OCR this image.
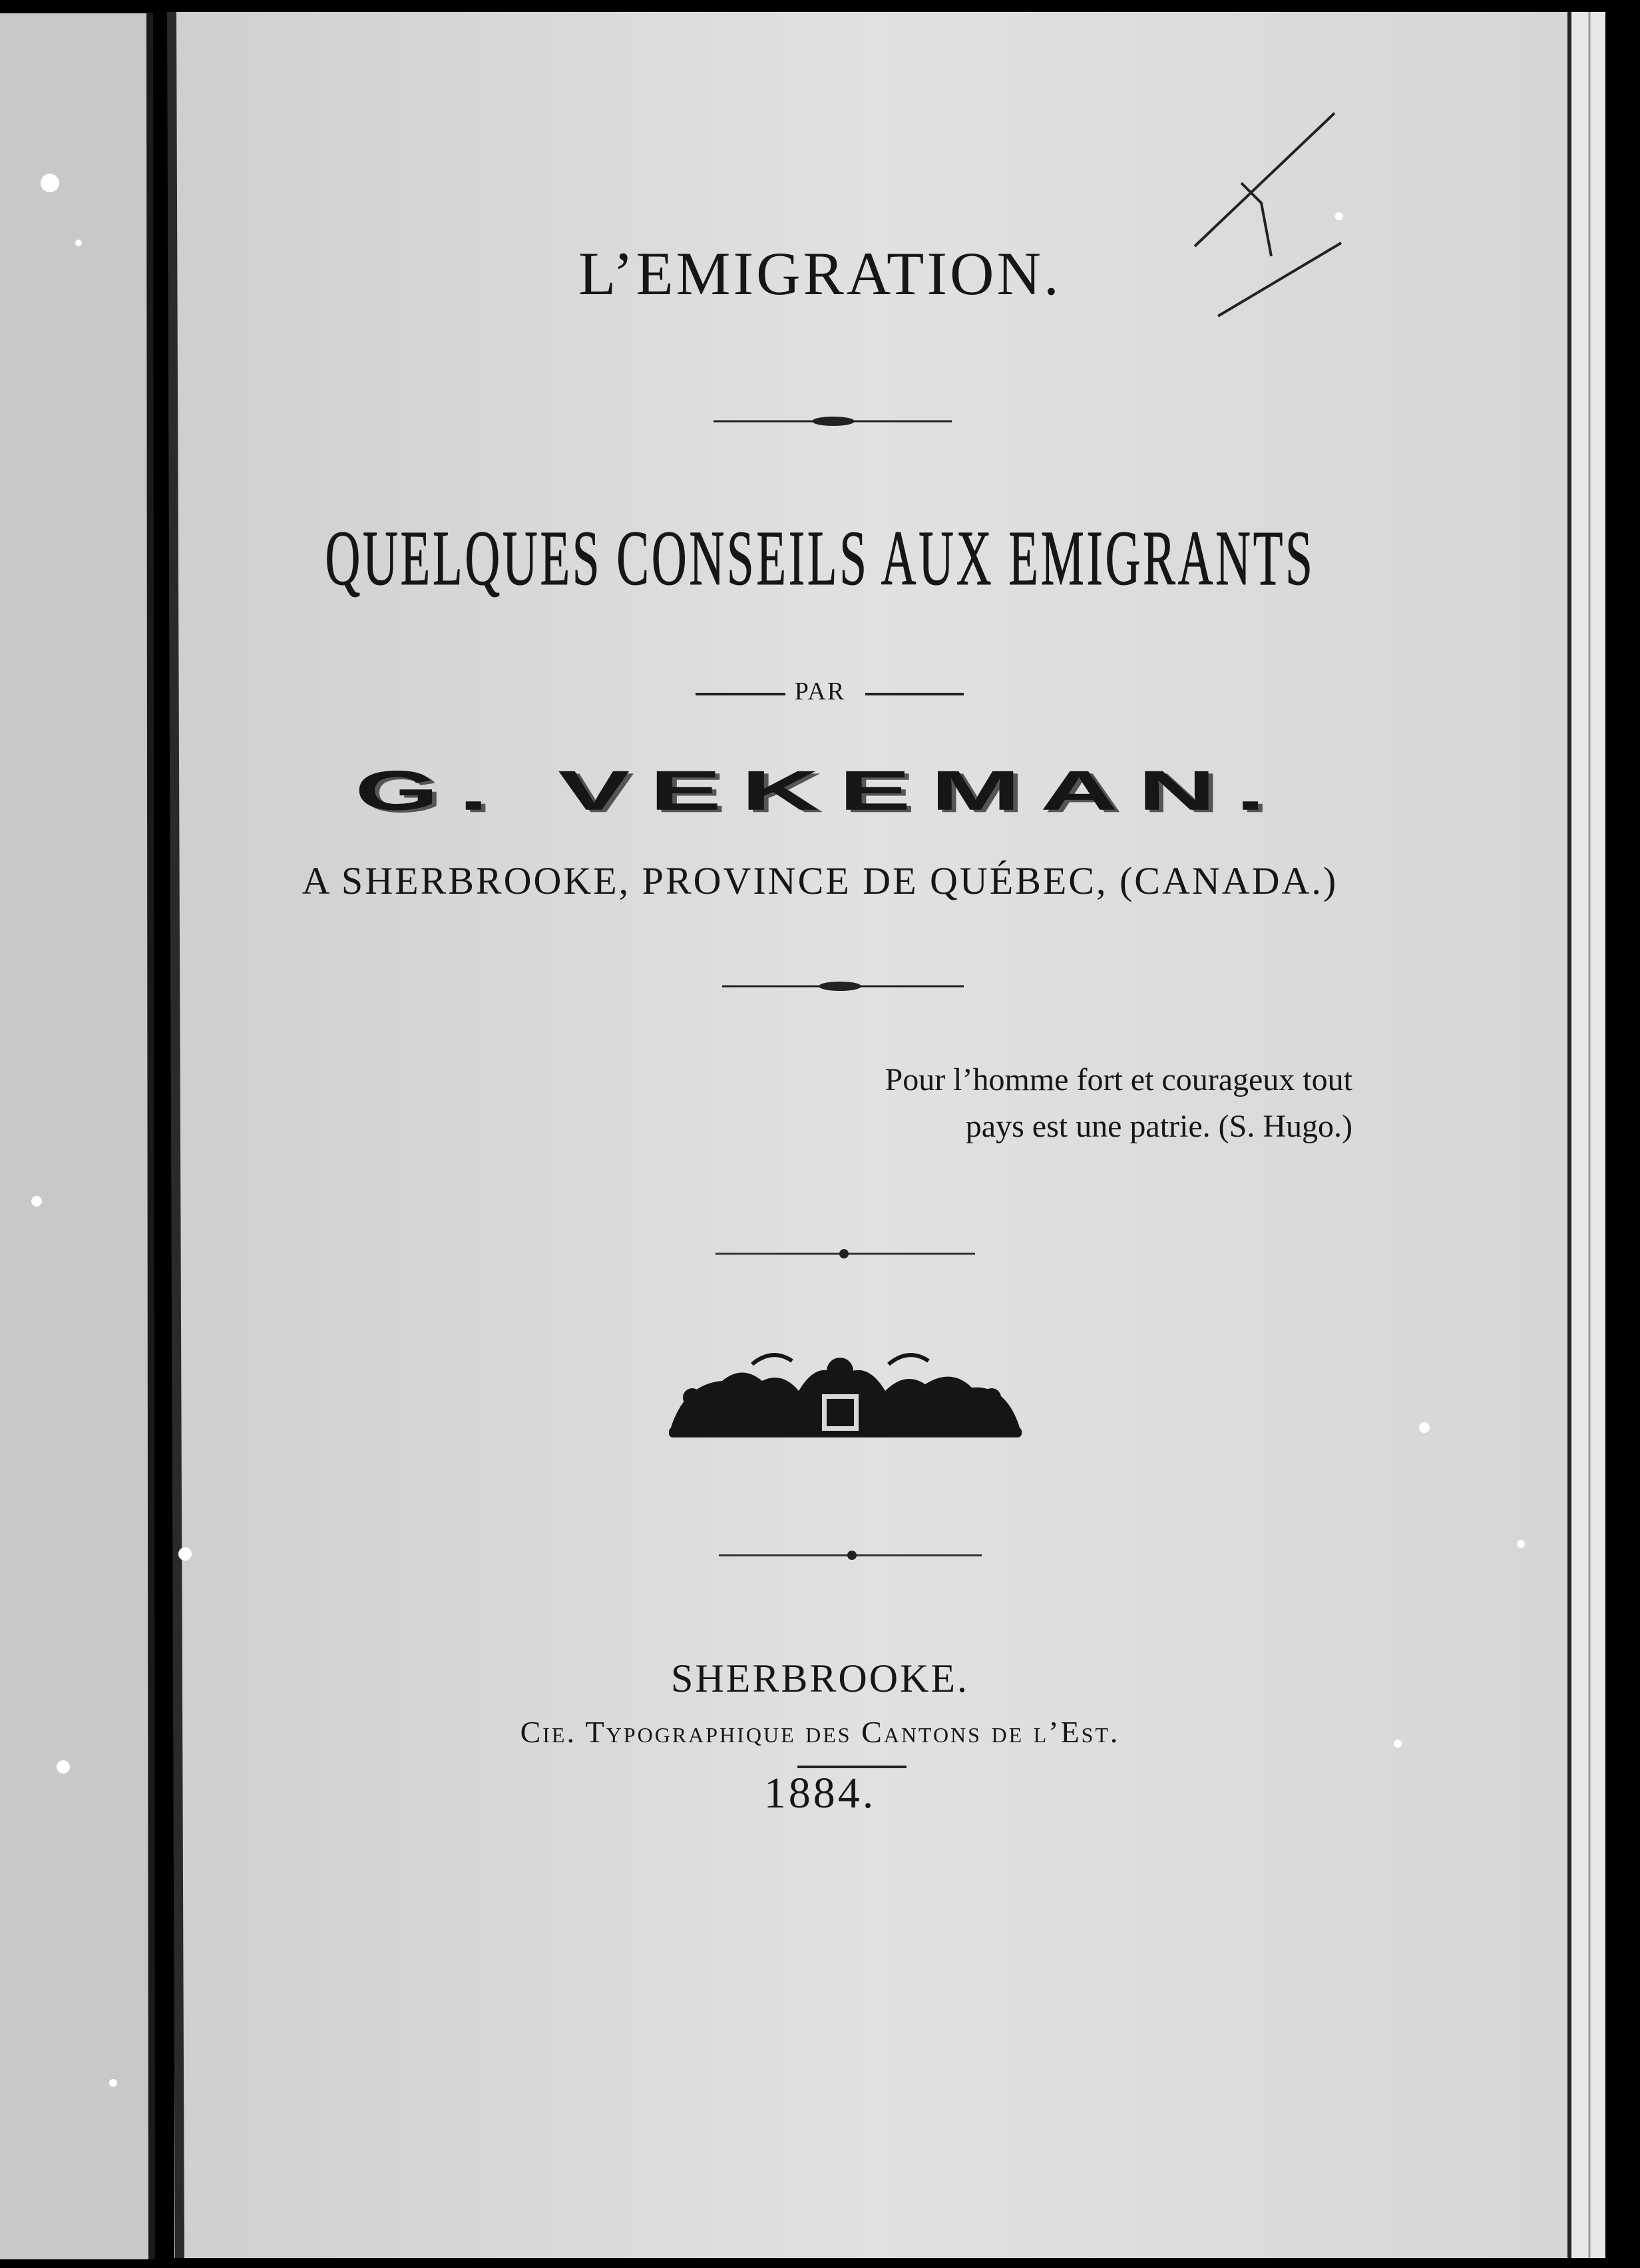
L’EMIGRATION.
QUELQUES CONSEILS AUX EMIGRANTS
PAR
G. VEKEMAN.
A SHERBROOKE, PROVINCE DE QUÉBEC, (CANADA.)
Pour l’homme fort et courageux tout
pays est une patrie. (S. Hugo.)
SHERBROOKE.
Cie. Typographique des Cantons de l’Est.
1884.
